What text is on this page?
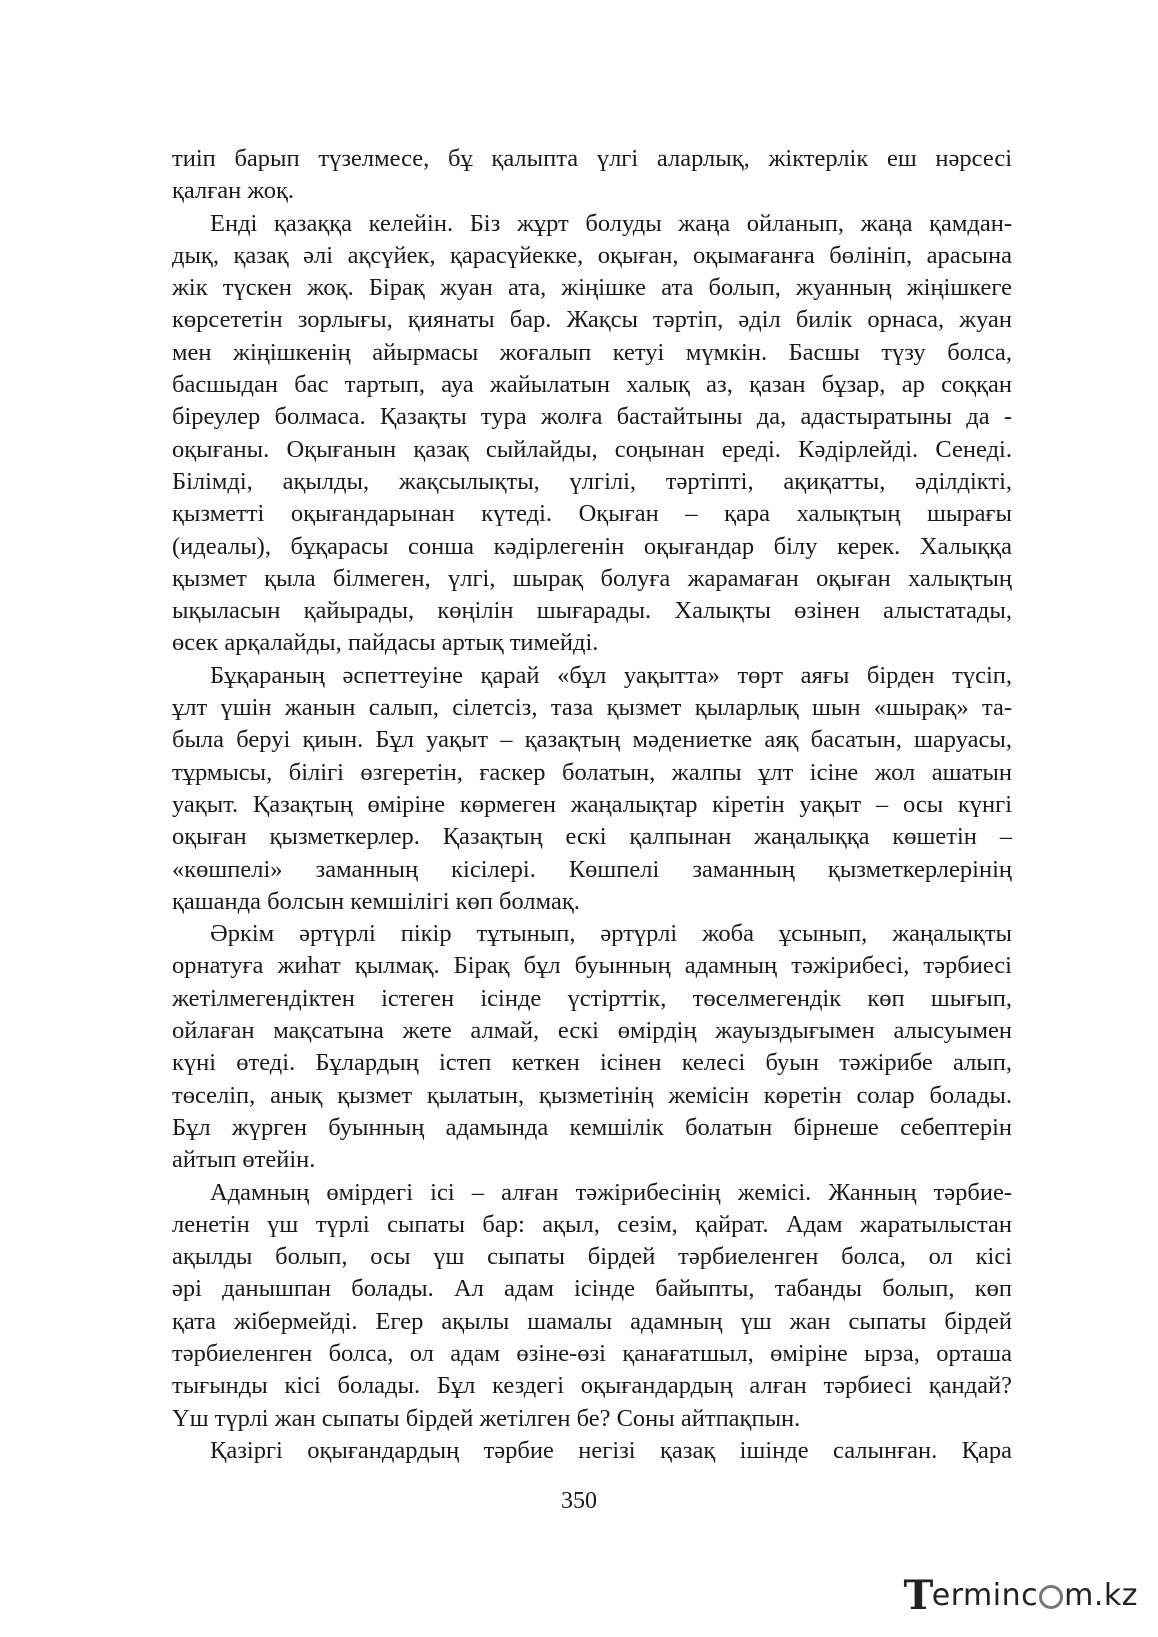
тиіп барып түзелмесе, бұ қалыпта үлгі аларлық, жіктерлік еш нәрсесі
қалған жоқ.
Енді қазаққа келейін. Біз жұрт болуды жаңа ойланып, жаңа қамдан-
дық, қазақ әлі ақсүйек, қарасүйекке, оқыған, оқымағанға бөлініп, арасына
жік түскен жоқ. Бірақ жуан ата, жіңішке ата болып, жуанның жіңішкеге
көрсететін зорлығы, қиянаты бар. Жақсы тәртіп, әділ билік орнаса, жуан
мен жіңішкенің айырмасы жоғалып кетуі мүмкін. Басшы түзу болса,
басшыдан бас тартып, ауа жайылатын халық аз, қазан бұзар, ар соққан
біреулер болмаса. Қазақты тура жолға бастайтыны да, адастыратыны да -
оқығаны. Оқығанын қазақ сыйлайды, соңынан ереді. Кәдірлейді. Сенеді.
Білімді, ақылды, жақсылықты, үлгілі, тәртіпті, ақиқатты, әділдікті,
қызметті оқығандарынан күтеді. Оқыған – қара халықтың шырағы
(идеалы), бұқарасы сонша кәдірлегенін оқығандар білу керек. Халыққа
қызмет қыла білмеген, үлгі, шырақ болуға жарамаған оқыған халықтың
ықыласын қайырады, көңілін шығарады. Халықты өзінен алыстатады,
өсек арқалайды, пайдасы артық тимейді.
Бұқараның әспеттеуіне қарай «бұл уақытта» төрт аяғы бірден түсіп,
ұлт үшін жанын салып, сілетсіз, таза қызмет қыларлық шын «шырақ» та-
была беруі қиын. Бұл уақыт – қазақтың мәдениетке аяқ басатын, шаруасы,
тұрмысы, білігі өзгеретін, ғаскер болатын, жалпы ұлт ісіне жол ашатын
уақыт. Қазақтың өміріне көрмеген жаңалықтар кіретін уақыт – осы күнгі
оқыған қызметкерлер. Қазақтың ескі қалпынан жаңалыққа көшетін –
«көшпелі» заманның кісілері. Көшпелі заманның қызметкерлерінің
қашанда болсын кемшілігі көп болмақ.
Әркім әртүрлі пікір тұтынып, әртүрлі жоба ұсынып, жаңалықты
орнатуға жиһат қылмақ. Бірақ бұл буынның адамның тәжірибесі, тәрбиесі
жетілмегендіктен істеген ісінде үстірттік, төселмегендік көп шығып,
ойлаған мақсатына жете алмай, ескі өмірдің жауыздығымен алысуымен
күні өтеді. Бұлардың істеп кеткен ісінен келесі буын тәжірибе алып,
төселіп, анық қызмет қылатын, қызметінің жемісін көретін солар болады.
Бұл жүрген буынның адамында кемшілік болатын бірнеше себептерін
айтып өтейін.
Адамның өмірдегі ісі – алған тәжірибесінің жемісі. Жанның тәрбие-
ленетін үш түрлі сыпаты бар: ақыл, сезім, қайрат. Адам жаратылыстан
ақылды болып, осы үш сыпаты бірдей тәрбиеленген болса, ол кісі
әрі данышпан болады. Ал адам ісінде байыпты, табанды болып, көп
қата жібермейді. Егер ақылы шамалы адамның үш жан сыпаты бірдей
тәрбиеленген болса, ол адам өзіне-өзі қанағатшыл, өміріне ырза, орташа
тығынды кісі болады. Бұл кездегі оқығандардың алған тәрбиесі қандай?
Үш түрлі жан сыпаты бірдей жетілген бе? Соны айтпақпын.
Қазіргі оқығандардың тәрбие негізі қазақ ішінде салынған. Қара
350
T
erminc m.kz
